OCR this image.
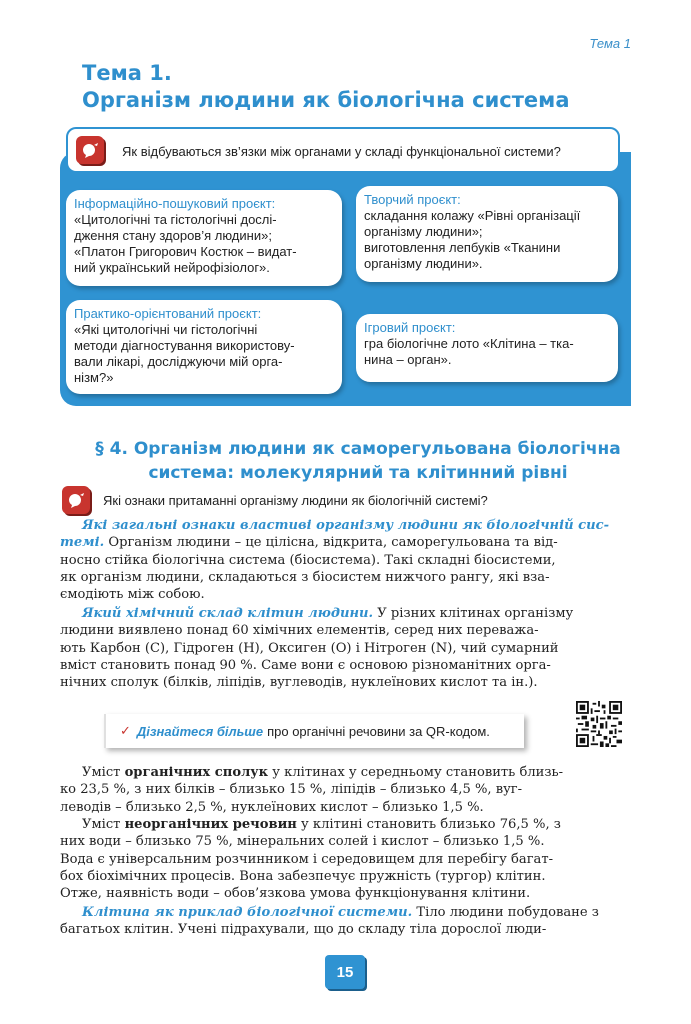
Тема 1
Тема 1.
Організм людини як біологічна система
Як відбуваються зв’язки між органами у складі функціональної системи?
Інформаційно-пошуковий проєкт:
«Цитологічні та гістологічні дослі-
дження стану здоров’я людини»;
«Платон Григорович Костюк – видат-
ний український нейрофізіолог».
Творчий проєкт:
складання колажу «Рівні організації
організму людини»;
виготовлення лепбуків «Тканини
організму людини».
Практико-орієнтований проєкт:
«Які цитологічні чи гістологічні
методи діагностування використову-
вали лікарі, досліджуючи мій орга-
нізм?»
Ігровий проєкт:
гра біологічне лото «Клітина – тка-
нина – орган».
§ 4. Організм людини як саморегульована біологічна
система: молекулярний та клітинний рівні
Які ознаки притаманні організму людини як біологічній системі?
Які загальні ознаки властиві організму людини як біологічній сис-
темі. Організм людини – це цілісна, відкрита, саморегульована та від-
носно стійка біологічна система (біосистема). Такі складні біосистеми,
як організм людини, складаються з біосистем нижчого рангу, які вза-
ємодіють між собою.
Який хімічний склад клітин людини. У різних клітинах організму
людини виявлено понад 60 хімічних елементів, серед них переважа-
ють Карбон (С), Гідроген (Н), Оксиген (О) і Нітроген (N), чий сумарний
вміст становить понад 90 %. Саме вони є основою різноманітних орга-
нічних сполук (білків, ліпідів, вуглеводів, нуклеїнових кислот та ін.).
✓ Дізнайтеся більше про органічні речовини за QR-кодом.
Уміст органічних сполук у клітинах у середньому становить близь-
ко 23,5 %, з них білків – близько 15 %, ліпідів – близько 4,5 %, вуг-
леводів – близько 2,5 %, нуклеїнових кислот – близько 1,5 %.
Уміст неорганічних речовин у клітині становить близько 76,5 %, з
них води – близько 75 %, мінеральних солей і кислот – близько 1,5 %.
Вода є універсальним розчинником і середовищем для перебігу багат-
бох біохімічних процесів. Вона забезпечує пружність (тургор) клітин.
Отже, наявність води – обов’язкова умова функціонування клітини.
Клітина як приклад біологічної системи. Тіло людини побудоване з
багатьох клітин. Учені підрахували, що до складу тіла дорослої люди-
15
